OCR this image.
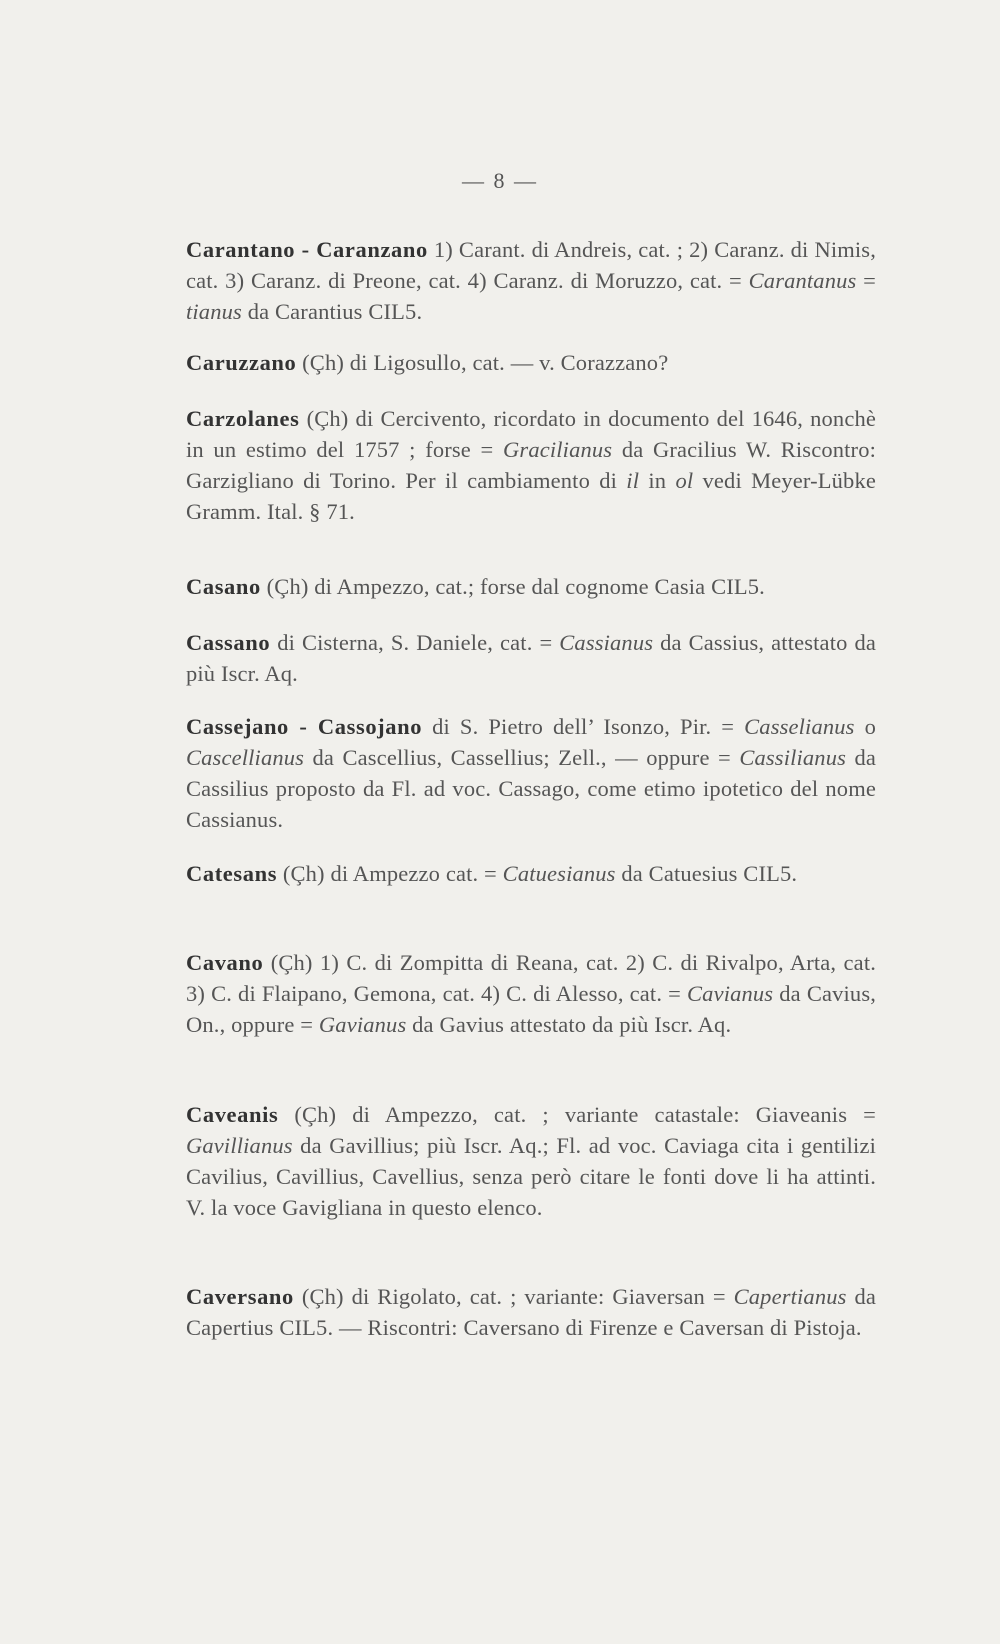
— 8 —

Carantano - Caranzano 1) Carant. di Andreis, cat. ; 2) Caranz. di Nimis, cat. 3) Caranz. di Preone, cat. 4) Caranz. di Moruzzo, cat. = Carantanus = tianus da Carantius CIL5.

Caruzzano (Çh) di Ligosullo, cat. — v. Corazzano?

Carzolanes (Çh) di Cercivento, ricordato in documento del 1646, nonchè in un estimo del 1757 ; forse = Gracilianus da Gracilius W. Riscontro: Garzigliano di Torino. Per il cambiamento di il in ol vedi Meyer-Lübke Gramm. Ital. § 71.

Casano (Çh) di Ampezzo, cat.; forse dal cognome Casia CIL5.

Cassano di Cisterna, S. Daniele, cat. = Cassianus da Cassius, attestato da più Iscr. Aq.

Cassejano - Cassojano di S. Pietro dell’ Isonzo, Pir. = Casselianus o Cascellianus da Cascellius, Cassellius; Zell., — oppure = Cassilianus da Cassilius proposto da Fl. ad voc. Cassago, come etimo ipotetico del nome Cassianus.

Catesans (Çh) di Ampezzo cat. = Catuesianus da Catuesius CIL5.

Cavano (Çh) 1) C. di Zompitta di Reana, cat. 2) C. di Rivalpo, Arta, cat. 3) C. di Flaipano, Gemona, cat. 4) C. di Alesso, cat. = Cavianus da Cavius, On., oppure = Gavianus da Gavius attestato da più Iscr. Aq.

Caveanis (Çh) di Ampezzo, cat. ; variante catastale: Giaveanis = Gavillianus da Gavillius; più Iscr. Aq.; Fl. ad voc. Caviaga cita i gentilizi Cavilius, Cavillius, Cavellius, senza però citare le fonti dove li ha attinti. V. la voce Gavigliana in questo elenco.

Caversano (Çh) di Rigolato, cat. ; variante: Giaversan = Capertianus da Capertius CIL5. — Riscontri: Caversano di Firenze e Caversan di Pistoja.
